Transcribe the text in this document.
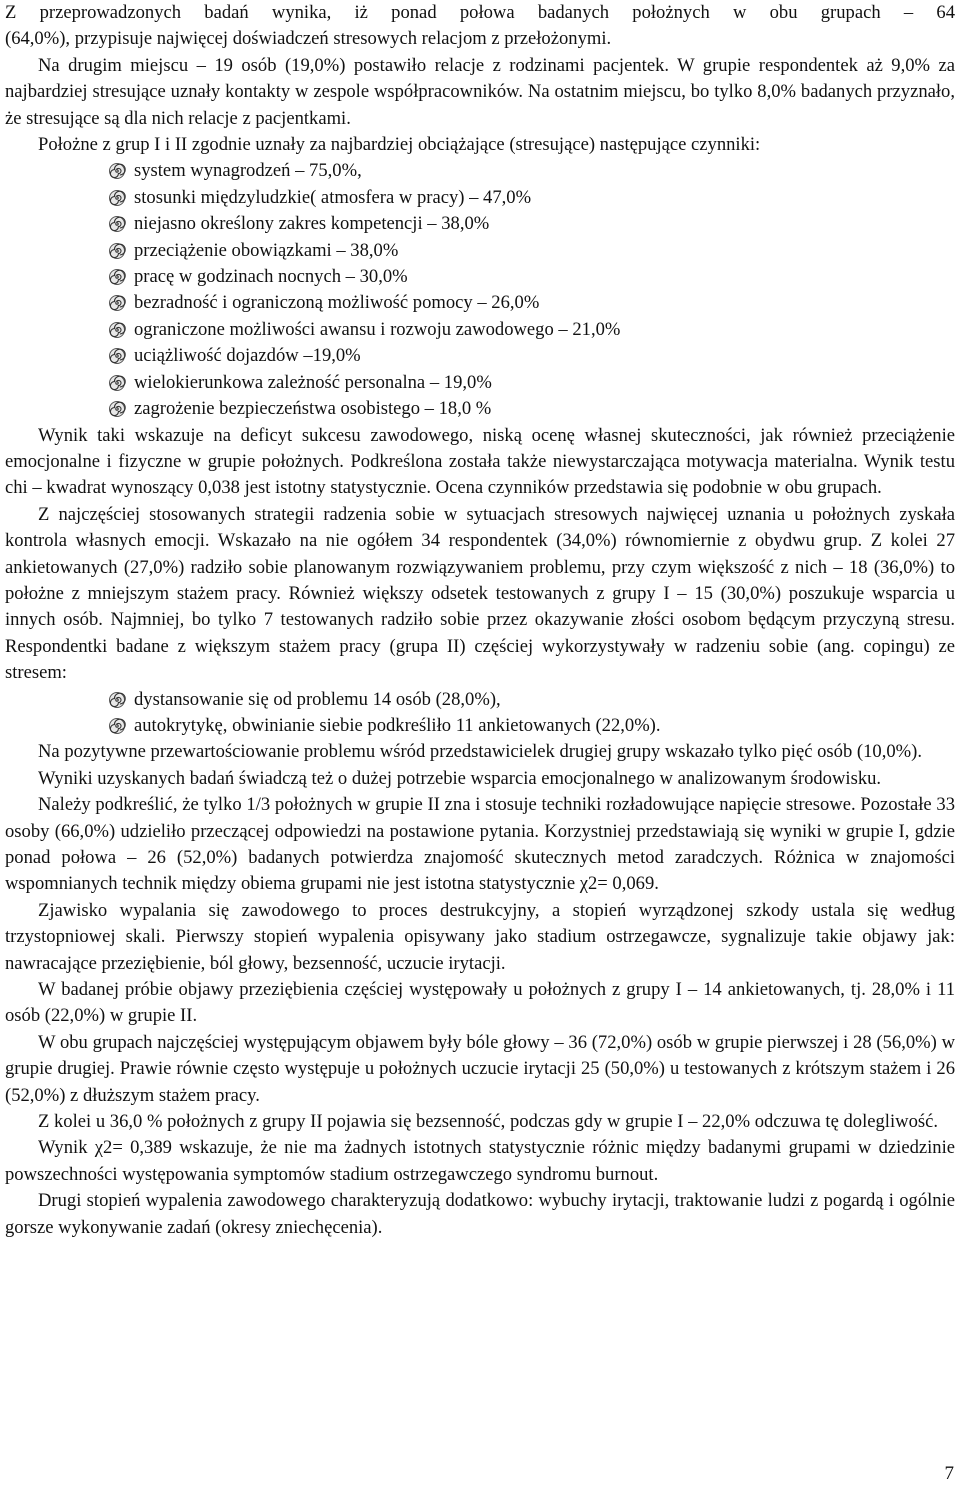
Z przeprowadzonych badań wynika, iż ponad połowa badanych położnych w obu grupach – 64
(64,0%), przypisuje najwięcej doświadczeń stresowych relacjom z przełożonymi.

Na drugim miejscu – 19 osób (19,0%) postawiło relacje z rodzinami pacjentek. W grupie respondentek aż 9,0% za najbardziej stresujące uznały kontakty w zespole współpracowników. Na ostatnim miejscu, bo tylko 8,0% badanych przyznało, że stresujące są dla nich relacje z pacjentkami.

Położne z grup I i II zgodnie uznały za najbardziej obciążające (stresujące) następujące czynniki:

system wynagrodzeń – 75,0%,
stosunki międzyludzkie( atmosfera w pracy) – 47,0%
niejasno określony zakres kompetencji – 38,0%
przeciążenie obowiązkami – 38,0%
pracę w godzinach nocnych – 30,0%
bezradność i ograniczoną możliwość pomocy – 26,0%
ograniczone możliwości awansu i rozwoju zawodowego – 21,0%
uciążliwość dojazdów –19,0%
wielokierunkowa zależność personalna – 19,0%
zagrożenie bezpieczeństwa osobistego – 18,0 %

Wynik taki wskazuje na deficyt sukcesu zawodowego, niską ocenę własnej skuteczności, jak również przeciążenie emocjonalne i fizyczne w grupie położnych. Podkreślona została także niewystarczająca motywacja materialna. Wynik testu chi – kwadrat wynoszący 0,038 jest istotny statystycznie. Ocena czynników przedstawia się podobnie w obu grupach.

Z najczęściej stosowanych strategii radzenia sobie w sytuacjach stresowych najwięcej uznania u położnych zyskała kontrola własnych emocji. Wskazało na nie ogółem 34 respondentek (34,0%) równomiernie z obydwu grup. Z kolei 27 ankietowanych (27,0%) radziło sobie planowanym rozwiązywaniem problemu, przy czym większość z nich – 18 (36,0%) to położne z mniejszym stażem pracy. Również większy odsetek testowanych z grupy I – 15 (30,0%) poszukuje wsparcia u innych osób. Najmniej, bo tylko 7 testowanych radziło sobie przez okazywanie złości osobom będącym przyczyną stresu. Respondentki badane z większym stażem pracy (grupa II) częściej wykorzystywały w radzeniu sobie (ang. copingu) ze stresem:

dystansowanie się od problemu 14 osób (28,0%),
autokrytykę, obwinianie siebie podkreśliło 11 ankietowanych (22,0%).

Na pozytywne przewartościowanie problemu wśród przedstawicielek drugiej grupy wskazało tylko pięć osób (10,0%).

Wyniki uzyskanych badań świadczą też o dużej potrzebie wsparcia emocjonalnego w analizowanym środowisku.

Należy podkreślić, że tylko 1/3 położnych w grupie II zna i stosuje techniki rozładowujące napięcie stresowe. Pozostałe 33 osoby (66,0%) udzieliło przeczącej odpowiedzi na postawione pytania. Korzystniej przedstawiają się wyniki w grupie I, gdzie ponad połowa – 26 (52,0%) badanych potwierdza znajomość skutecznych metod zaradczych. Różnica w znajomości wspomnianych technik między obiema grupami nie jest istotna statystycznie χ2= 0,069.

Zjawisko wypalania się zawodowego to proces destrukcyjny, a stopień wyrządzonej szkody ustala się według trzystopniowej skali. Pierwszy stopień wypalenia opisywany jako stadium ostrzegawcze, sygnalizuje takie objawy jak: nawracające przeziębienie, ból głowy, bezsenność, uczucie irytacji.

W badanej próbie objawy przeziębienia częściej występowały u położnych z grupy I – 14 ankietowanych, tj. 28,0% i 11 osób (22,0%) w grupie II.

W obu grupach najczęściej występującym objawem były bóle głowy – 36 (72,0%) osób w grupie pierwszej i 28 (56,0%) w grupie drugiej. Prawie równie często występuje u położnych uczucie irytacji 25 (50,0%) u testowanych z krótszym stażem i 26 (52,0%) z dłuższym stażem pracy.

Z kolei u 36,0 % położnych z grupy II pojawia się bezsenność, podczas gdy w grupie I – 22,0% odczuwa tę dolegliwość.

Wynik χ2= 0,389 wskazuje, że nie ma żadnych istotnych statystycznie różnic między badanymi grupami w dziedzinie powszechności występowania symptomów stadium ostrzegawczego syndromu burnout.

Drugi stopień wypalenia zawodowego charakteryzują dodatkowo: wybuchy irytacji, traktowanie ludzi z pogardą i ogólnie gorsze wykonywanie zadań (okresy zniechęcenia).

7
